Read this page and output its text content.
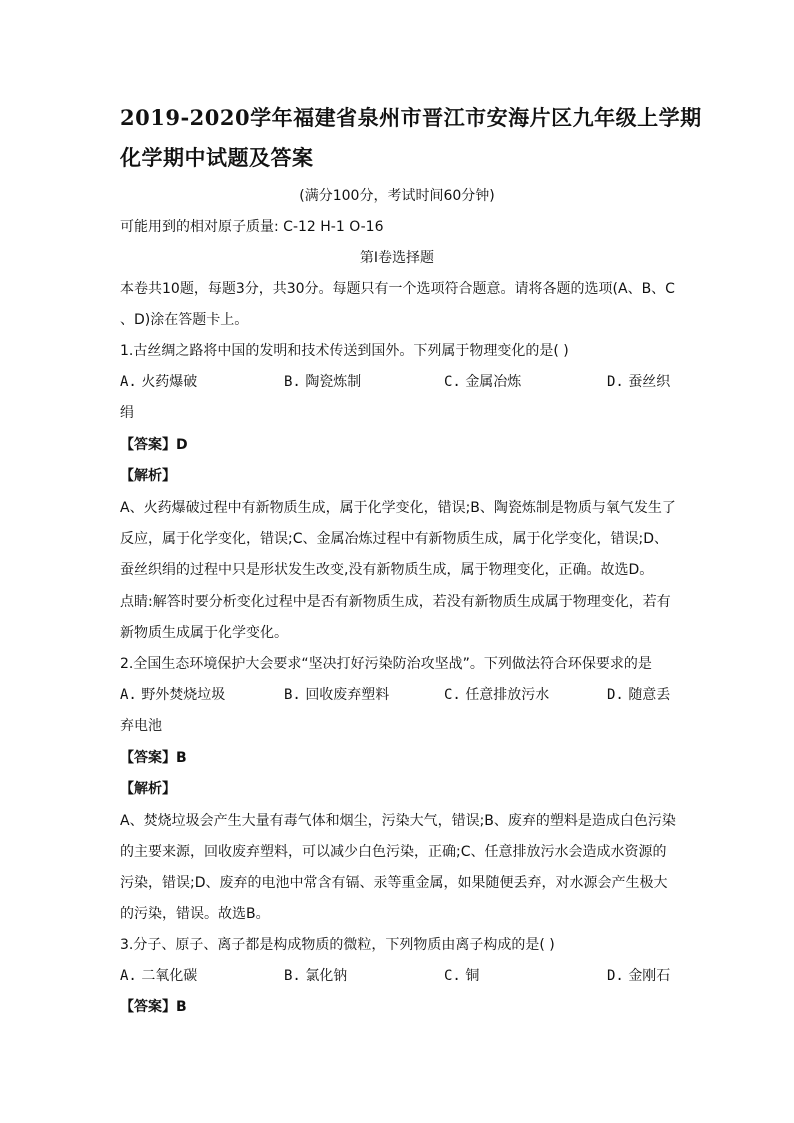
2019-2020学年福建省泉州市晋江市安海片区九年级上学期
化学期中试题及答案
(满分100分，考试时间60分钟)
可能用到的相对原子质量: C-12 H-1 O-16
第I卷选择题
本卷共10题，每题3分，共30分。每题只有一个选项符合题意。请将各题的选项(A、B、C
、D)涂在答题卡上。
1.古丝绸之路将中国的发明和技术传送到国外。下列属于物理变化的是( )
A. 火药爆破	B. 陶瓷炼制	C. 金属冶炼	D. 蚕丝织
绢
【答案】D
【解析】
A、火药爆破过程中有新物质生成，属于化学变化，错误;B、陶瓷炼制是物质与氧气发生了
反应，属于化学变化，错误;C、金属冶炼过程中有新物质生成，属于化学变化，错误;D、
蚕丝织绢的过程中只是形状发生改变,没有新物质生成，属于物理变化，正确。故选D。
点睛:解答时要分析变化过程中是否有新物质生成，若没有新物质生成属于物理变化，若有
新物质生成属于化学变化。
2.全国生态环境保护大会要求“坚决打好污染防治攻坚战”。下列做法符合环保要求的是
A. 野外焚烧垃圾	B. 回收废弃塑料	C. 任意排放污水	D. 随意丢
弃电池
【答案】B
【解析】
A、焚烧垃圾会产生大量有毒气体和烟尘，污染大气，错误;B、废弃的塑料是造成白色污染
的主要来源，回收废弃塑料，可以减少白色污染，正确;C、任意排放污水会造成水资源的
污染，错误;D、废弃的电池中常含有镉、汞等重金属，如果随便丢弃，对水源会产生极大
的污染，错误。故选B。
3.分子、原子、离子都是构成物质的微粒，下列物质由离子构成的是( )
A. 二氧化碳	B. 氯化钠	C. 铜	D. 金刚石
【答案】B
